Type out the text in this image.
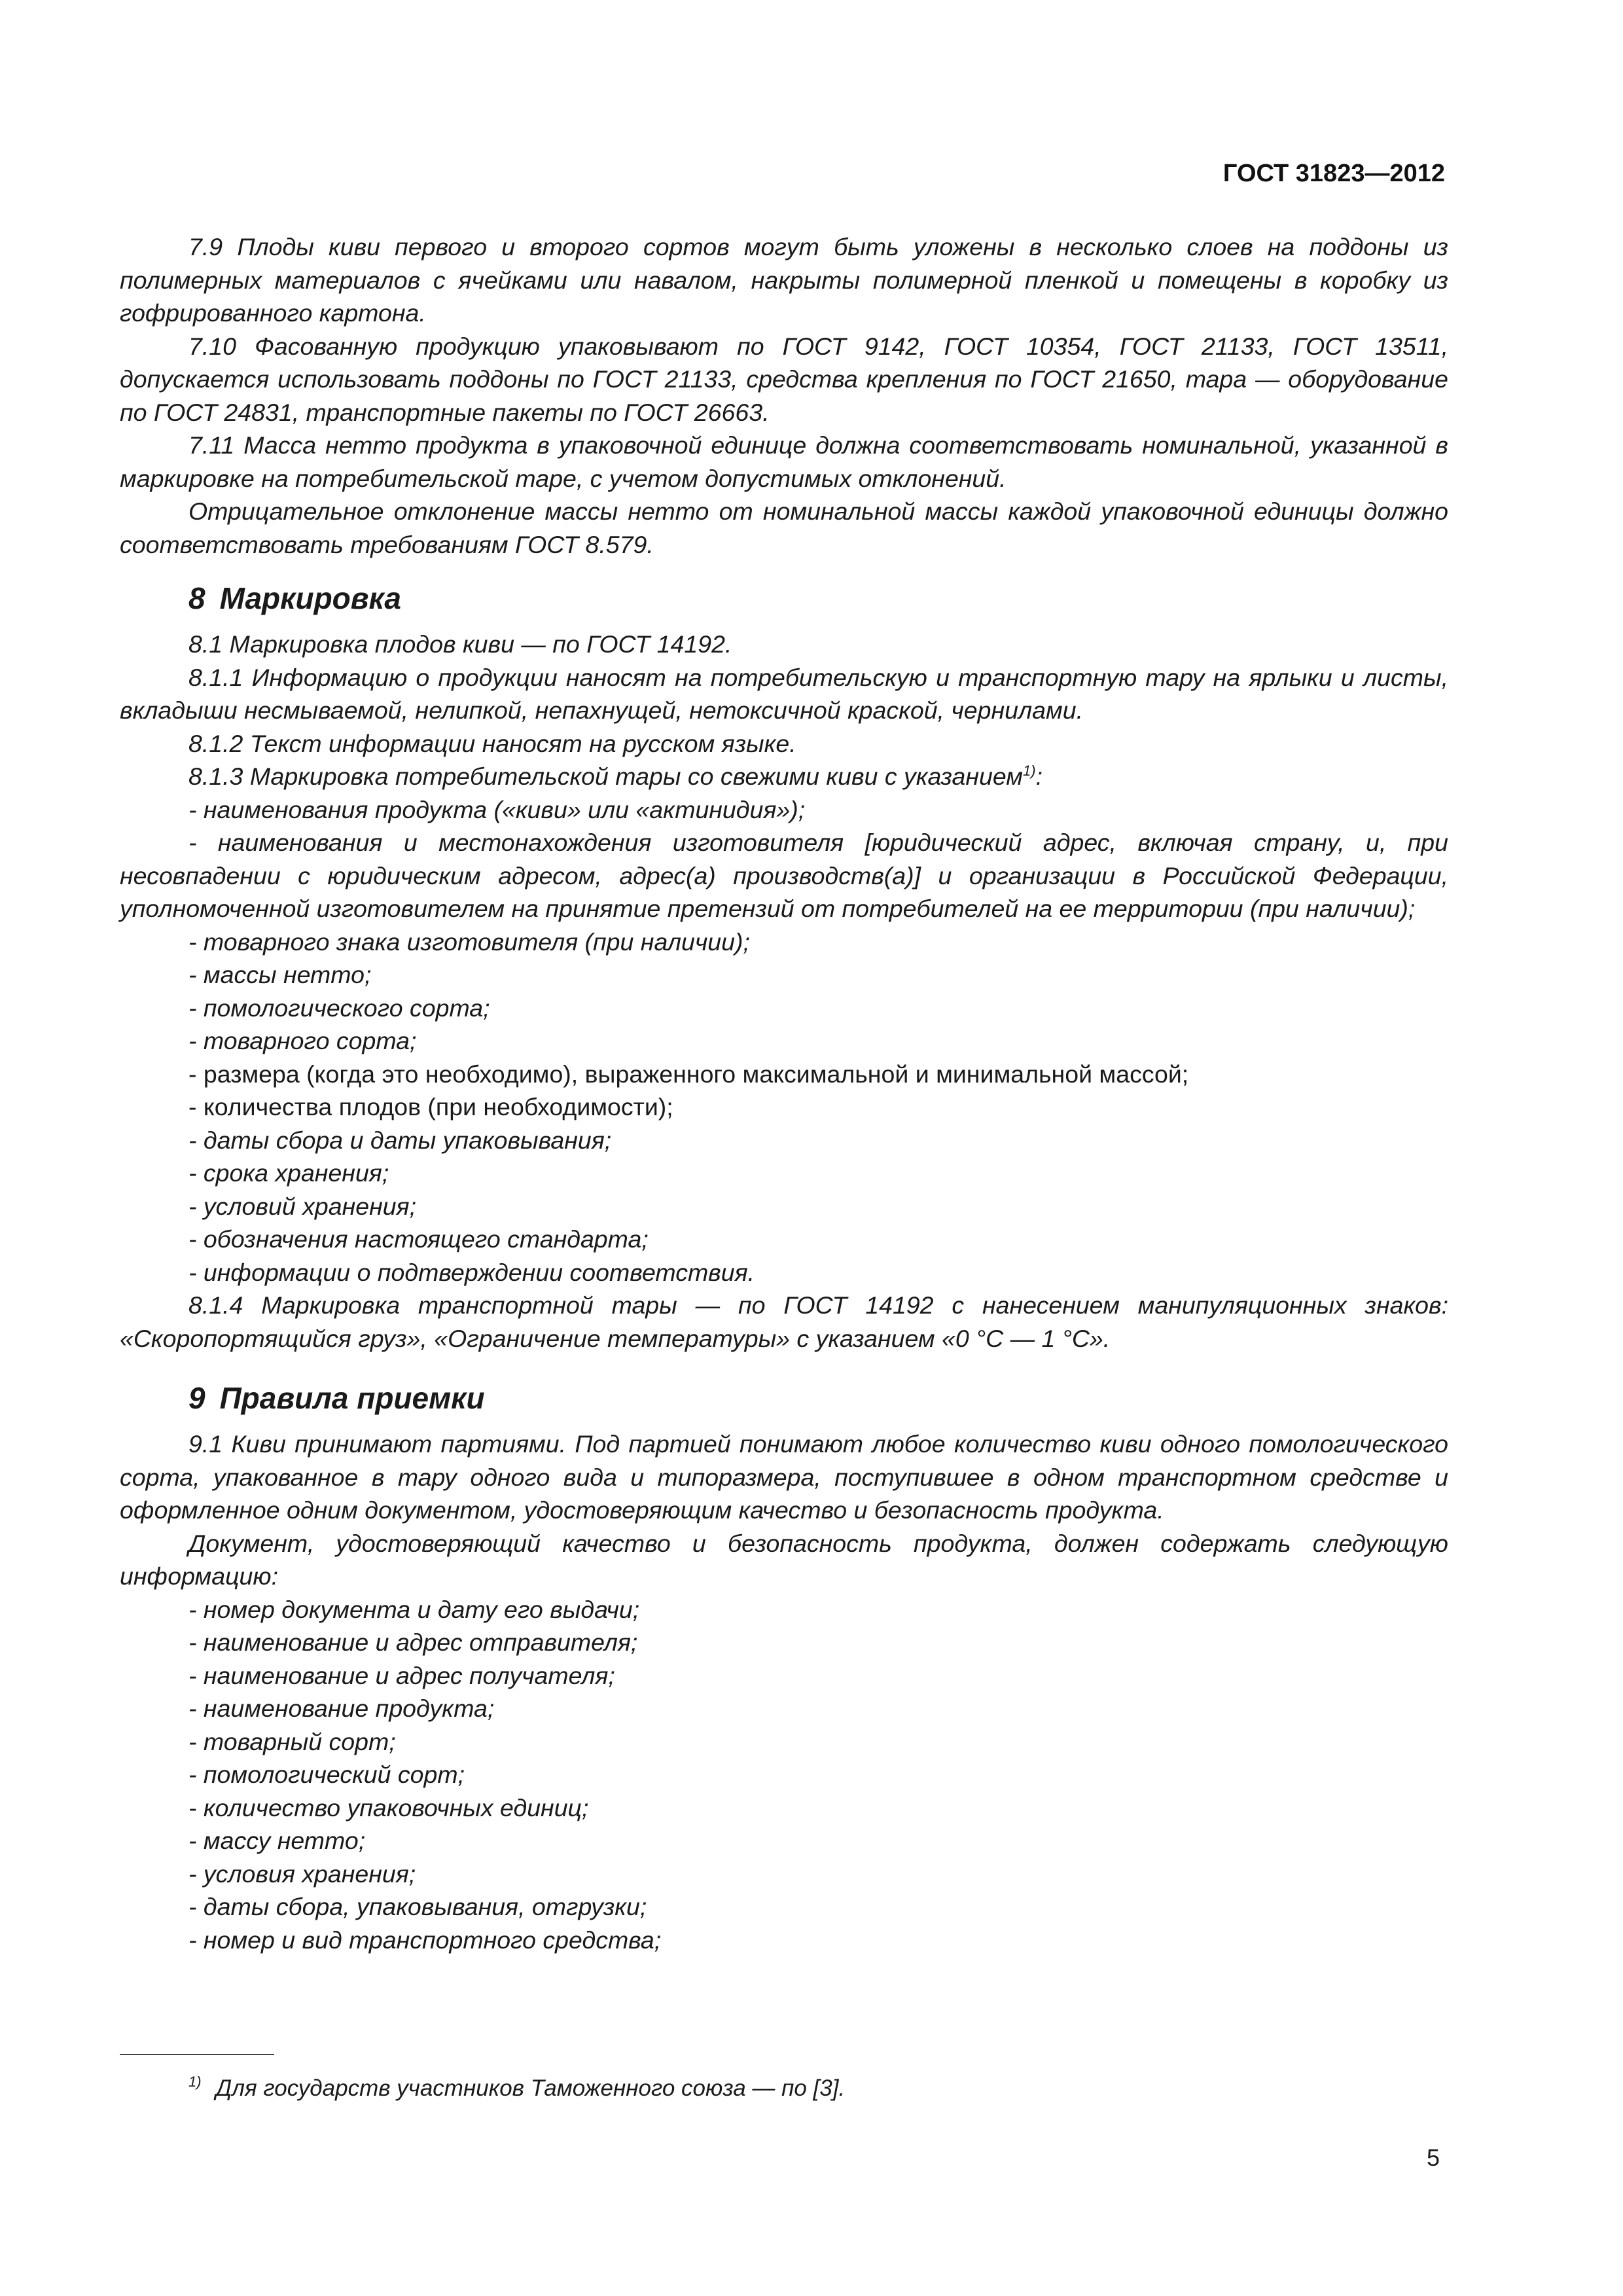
ГОСТ 31823—2012

7.9 Плоды киви первого и второго сортов могут быть уложены в несколько слоев на поддоны из полимерных материалов с ячейками или навалом, накрыты полимерной пленкой и помещены в коробку из гофрированного картона.

7.10 Фасованную продукцию упаковывают по ГОСТ 9142, ГОСТ 10354, ГОСТ 21133, ГОСТ 13511, допускается использовать поддоны по ГОСТ 21133, средства крепления по ГОСТ 21650, тара — оборудование по ГОСТ 24831, транспортные пакеты по ГОСТ 26663.

7.11 Масса нетто продукта в упаковочной единице должна соответствовать номинальной, указанной в маркировке на потребительской таре, с учетом допустимых отклонений.

Отрицательное отклонение массы нетто от номинальной массы каждой упаковочной единицы должно соответствовать требованиям ГОСТ 8.579.

8 Маркировка

8.1 Маркировка плодов киви — по ГОСТ 14192.

8.1.1 Информацию о продукции наносят на потребительскую и транспортную тару на ярлыки и листы, вкладыши несмываемой, нелипкой, непахнущей, нетоксичной краской, чернилами.

8.1.2 Текст информации наносят на русском языке.

8.1.3 Маркировка потребительской тары со свежими киви с указанием$^{1)}$:

- наименования продукта («киви» или «актинидия»);

- наименования и местонахождения изготовителя [юридический адрес, включая страну, и, при несовпадении с юридическим адресом, адрес(а) производств(а)] и организации в Российской Федерации, уполномоченной изготовителем на принятие претензий от потребителей на ее территории (при наличии);

- товарного знака изготовителя (при наличии);

- массы нетто;

- помологического сорта;

- товарного сорта;

- размера (когда это необходимо), выраженного максимальной и минимальной массой;

- количества плодов (при необходимости);

- даты сбора и даты упаковывания;

- срока хранения;

- условий хранения;

- обозначения настоящего стандарта;

- информации о подтверждении соответствия.

8.1.4 Маркировка транспортной тары — по ГОСТ 14192 с нанесением манипуляционных знаков: «Скоропортящийся груз», «Ограничение температуры» с указанием «0 °С — 1 °С».

9 Правила приемки

9.1 Киви принимают партиями. Под партией понимают любое количество киви одного помологического сорта, упакованное в тару одного вида и типоразмера, поступившее в одном транспортном средстве и оформленное одним документом, удостоверяющим качество и безопасность продукта.

Документ, удостоверяющий качество и безопасность продукта, должен содержать следующую информацию:

- номер документа и дату его выдачи;

- наименование и адрес отправителя;

- наименование и адрес получателя;

- наименование продукта;

- товарный сорт;

- помологический сорт;

- количество упаковочных единиц;

- массу нетто;

- условия хранения;

- даты сбора, упаковывания, отгрузки;

- номер и вид транспортного средства;

$^{1)}$ Для государств участников Таможенного союза — по [3].
5
